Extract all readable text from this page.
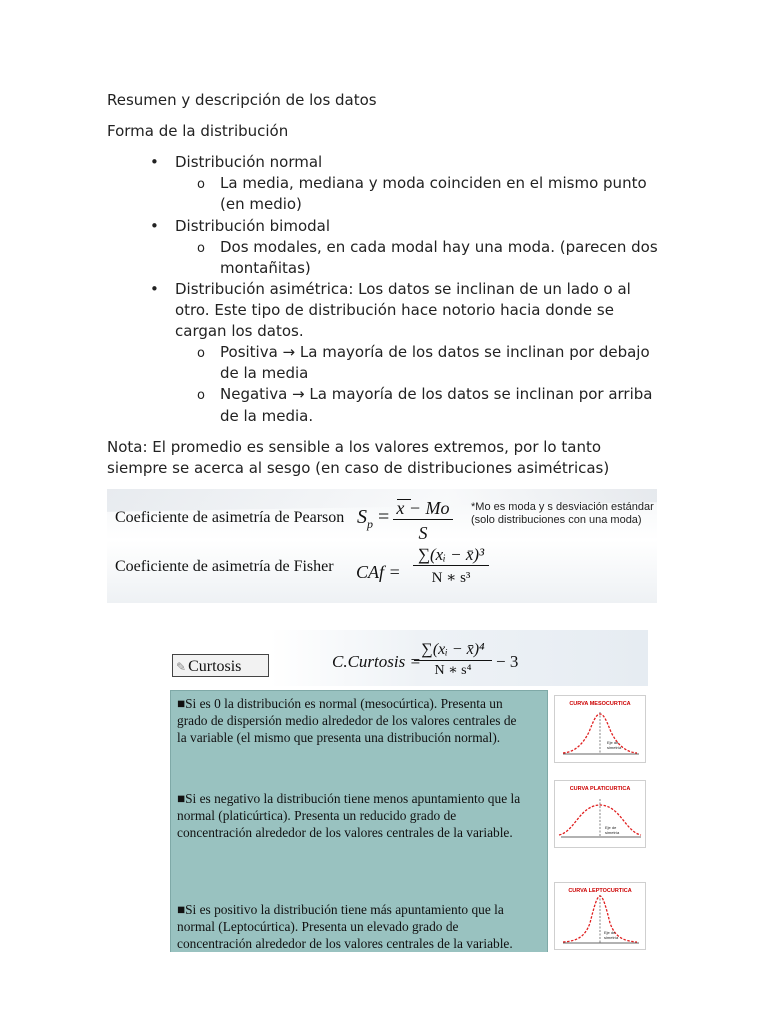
Resumen y descripción de los datos
Forma de la distribución
• Distribución normal
o La media, mediana y moda coinciden en el mismo punto
(en medio)
• Distribución bimodal
o Dos modales, en cada modal hay una moda. (parecen dos
montañitas)
• Distribución asimétrica: Los datos se inclinan de un lado o al
otro. Este tipo de distribución hace notorio hacia donde se
cargan los datos.
o Positiva → La mayoría de los datos se inclinan por debajo
de la media
o Negativa → La mayoría de los datos se inclinan por arriba
de la media.
Nota: El promedio es sensible a los valores extremos, por lo tanto
siempre se acerca al sesgo (en caso de distribuciones asimétricas)
Coeficiente de asimetría de Pearson $S_p = x - Mo$
S
*Mo es moda y s desviación estándar
(solo distribuciones con una moda)
Coeficiente de asimetría de Fisher CAf =
∑(xᵢ − x̄)³
N ∗ s³
✎ Curtosis	C.Curtosis =
∑(xᵢ − x̄)⁴
N ∗ s⁴	− 3
■Si es 0 la distribución es normal (mesocúrtica). Presenta un
grado de dispersión medio alrededor de los valores centrales de
la variable (el mismo que presenta una distribución normal).
■Si es negativo la distribución tiene menos apuntamiento que la
normal (platicúrtica). Presenta un reducido grado de
concentración alrededor de los valores centrales de la variable.
■Si es positivo la distribución tiene más apuntamiento que la
normal (Leptocúrtica). Presenta un elevado grado de
concentración alrededor de los valores centrales de la variable.
CURVA MESOCURTICA
Eje de
simetría
CURVA PLATICURTICA
Eje de
simetría
CURVA LEPTOCURTICA
Eje de
simetría
